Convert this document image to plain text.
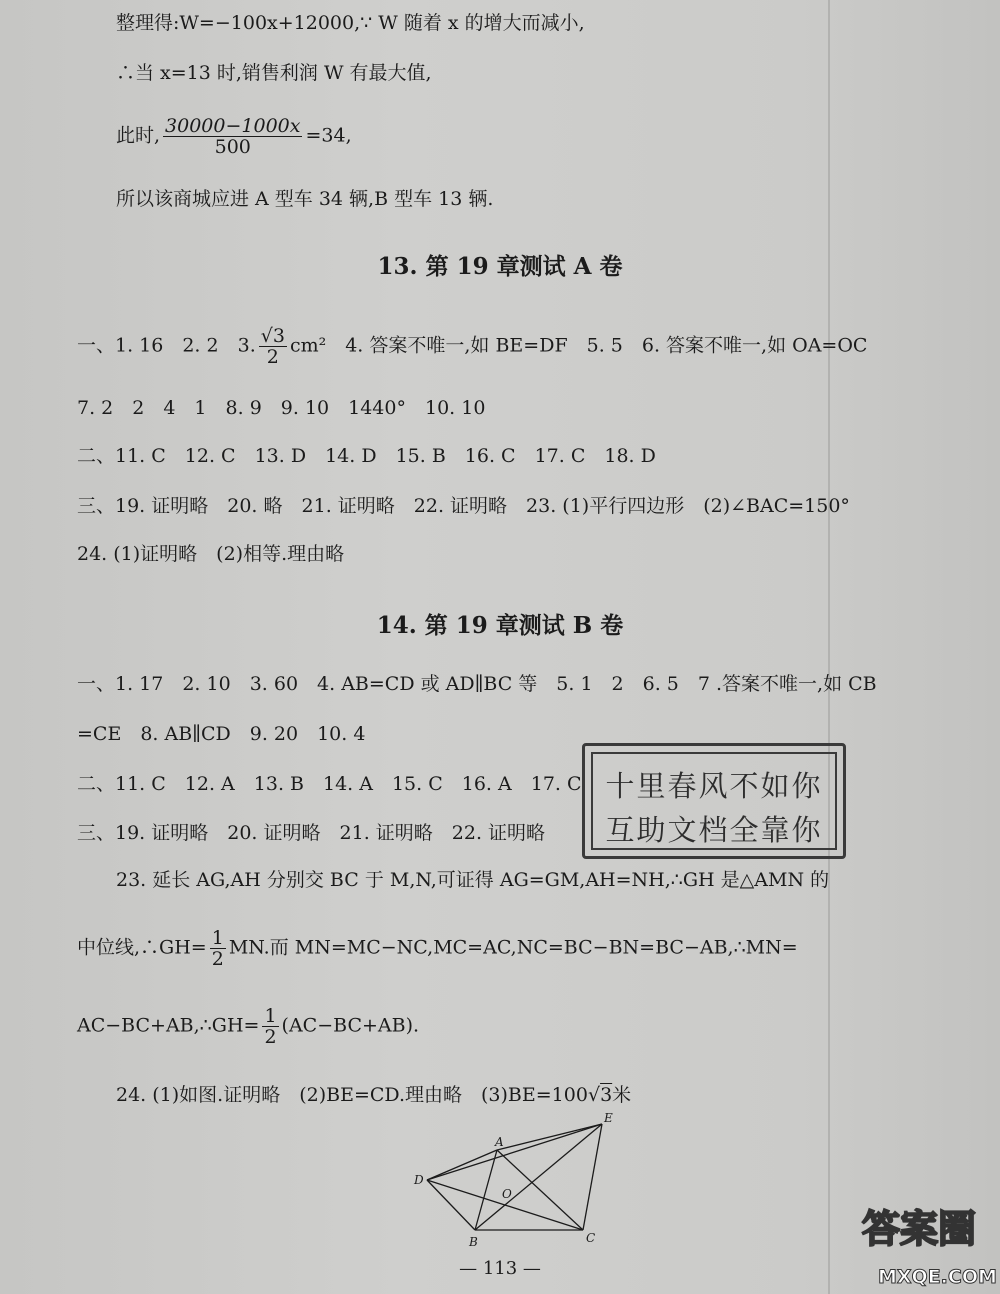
整理得:W=−100x+12000,∵ W 随着 x 的增大而减小,
∴当 x=13 时,销售利润 W 有最大值,
此时, $\frac{30000-1000x}{500} =34$,
所以该商城应进 A 型车 34 辆,B 型车 13 辆.
13. 第 19 章测试 A 卷
一、1. 16　2. 2　3. $\frac{√3}{2} cm^2$　4. 答案不唯一,如 BE=DF　5. 5　6. 答案不唯一,如 OA=OC
7. 2　2　4　1　8. 9　9. 10　1440°　10. 10
二、11. C　12. C　13. D　14. D　15. B　16. C　17. C　18. D
三、19. 证明略　20. 略　21. 证明略　22. 证明略　23. (1)平行四边形　(2)∠BAC=150°
24. (1)证明略　(2)相等.理由略
14. 第 19 章测试 B 卷
一、1. 17　2. 10　3. 60　4. AB=CD 或 AD∥BC 等　5. 1　2　6. 5　7 .答案不唯一,如 CB
=CE　8. AB∥CD　9. 20　10. 4
二、11. C　12. A　13. B　14. A　15. C　16. A　17. C
三、19. 证明略　20. 证明略　21. 证明略　22. 证明略
23. 延长 AG,AH 分别交 BC 于 M,N,可证得 AG=GM,AH=NH,∴GH 是△AMN 的
中位线,∴GH= $\frac{1}{2}$ MN.而 MN=MC−NC,MC=AC,NC=BC−BN=BC−AB,∴MN=
AC−BC+AB,∴GH= $\frac{1}{2} (AC-BC+AB)$.
24. (1)如图.证明略　(2)BE=CD.理由略　(3)BE=100√3米
A
B	C
D
E
O
十里春风不如你
互助文档全靠你
— 113 —
答案圈
MXQE.COM
